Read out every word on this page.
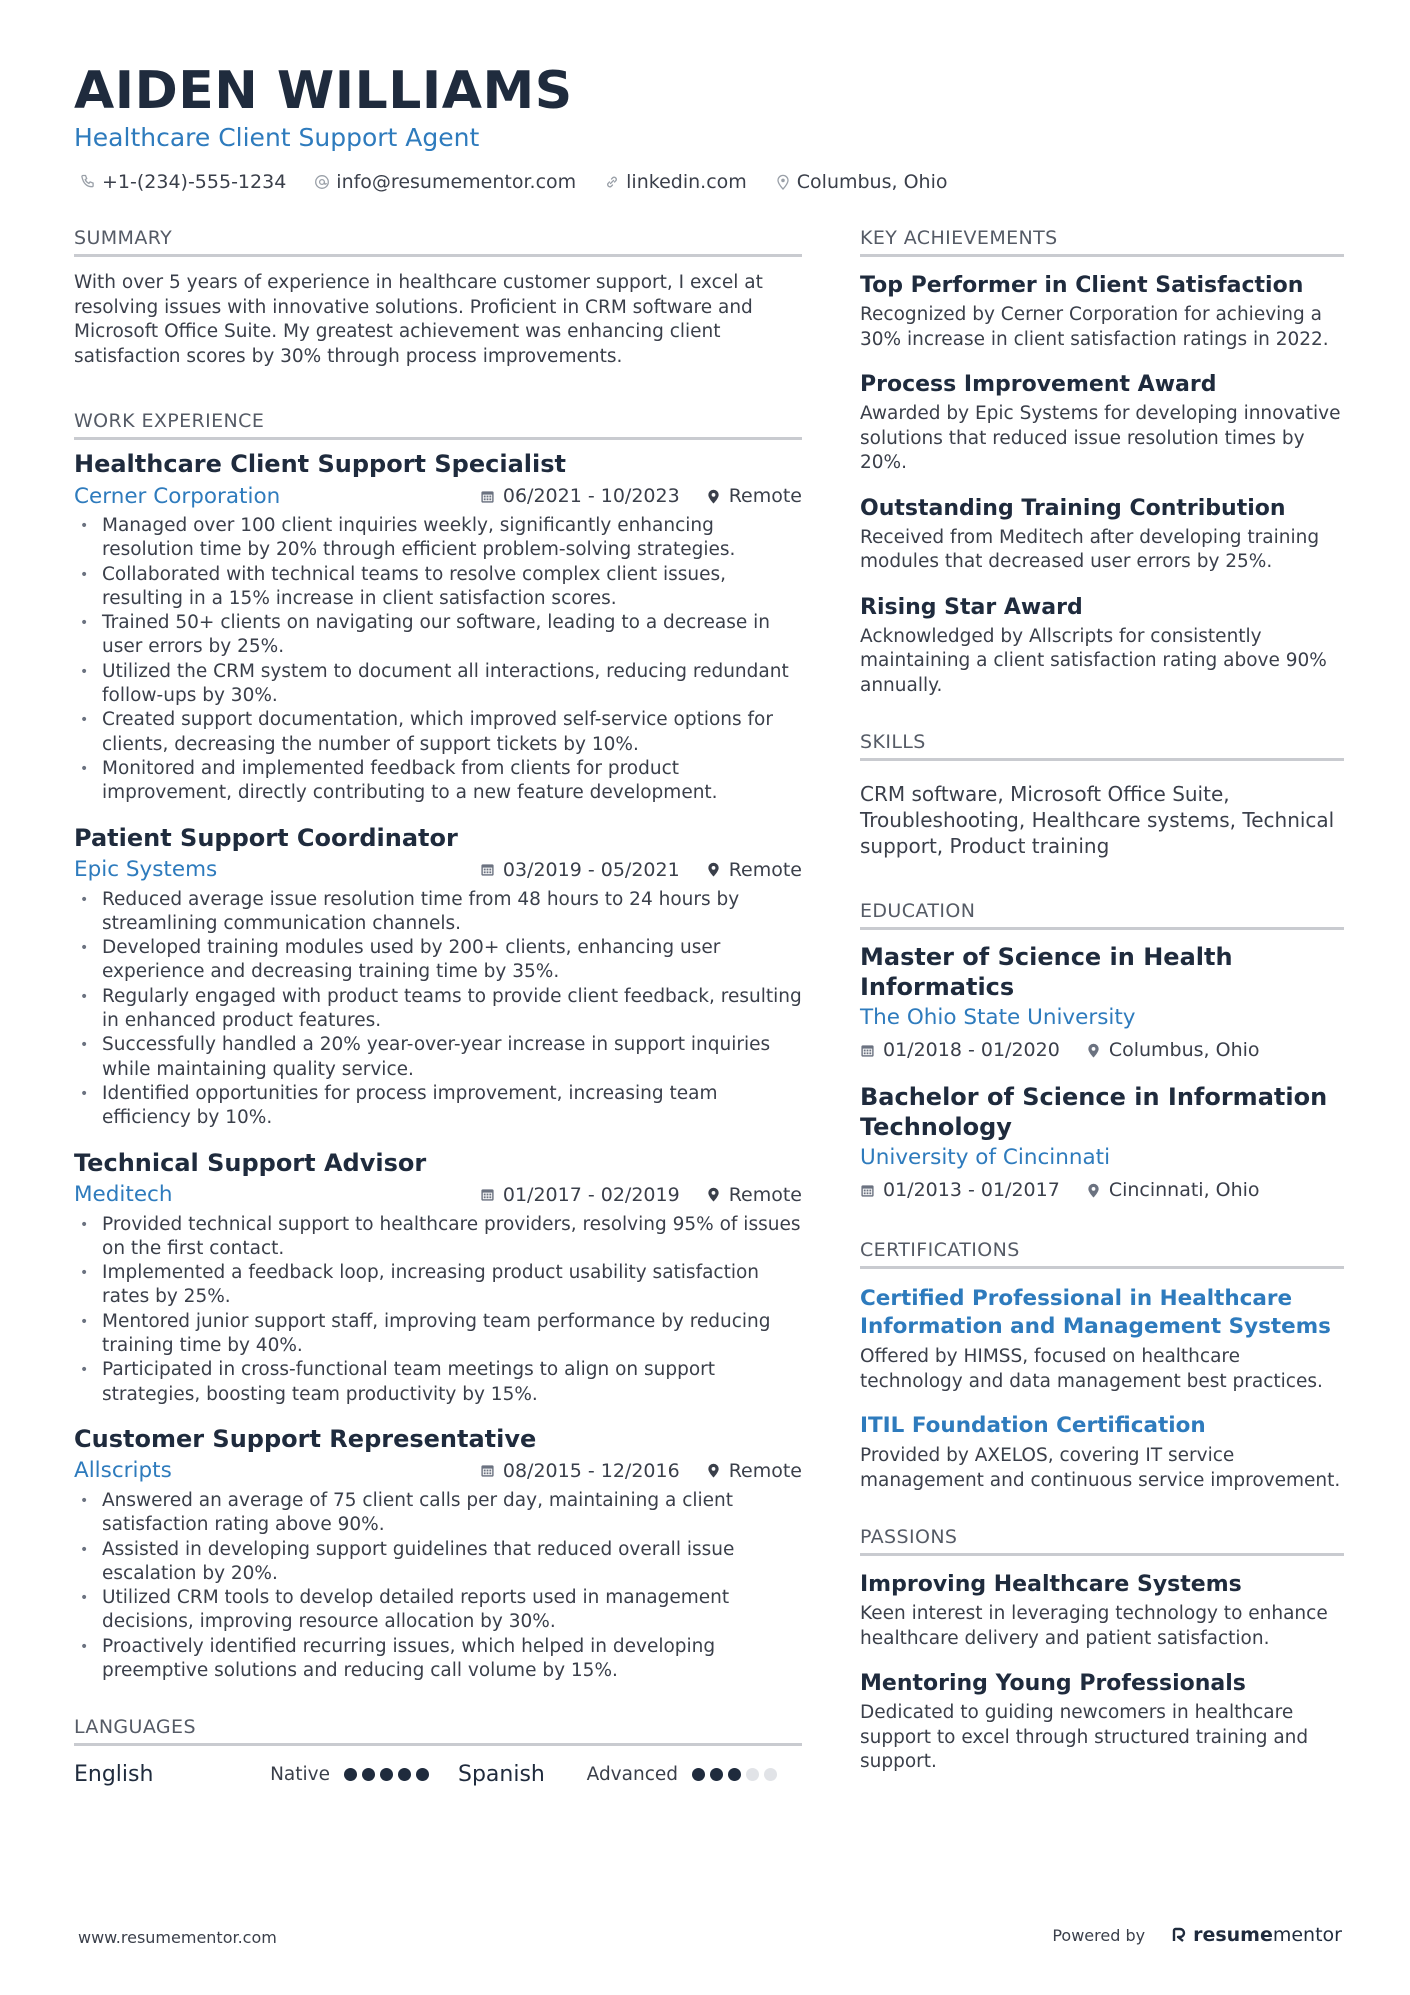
AIDEN WILLIAMS
Healthcare Client Support Agent
+1-(234)-555-1234	info@resumementor.com	linkedin.com	Columbus, Ohio
SUMMARY

With over 5 years of experience in healthcare customer support, I excel at resolving issues with innovative solutions. Proficient in CRM software and Microsoft Office Suite. My greatest achievement was enhancing client satisfaction scores by 30% through process improvements.

WORK EXPERIENCE
Healthcare Client Support Specialist
Cerner Corporation	06/2021 - 10/2023	Remote
• Managed over 100 client inquiries weekly, significantly enhancing resolution time by 20% through efficient problem-solving strategies.
• Collaborated with technical teams to resolve complex client issues, resulting in a 15% increase in client satisfaction scores.
• Trained 50+ clients on navigating our software, leading to a decrease in user errors by 25%.
• Utilized the CRM system to document all interactions, reducing redundant follow-ups by 30%.
• Created support documentation, which improved self-service options for clients, decreasing the number of support tickets by 10%.
• Monitored and implemented feedback from clients for product improvement, directly contributing to a new feature development.
Patient Support Coordinator
Epic Systems	03/2019 - 05/2021	Remote
• Reduced average issue resolution time from 48 hours to 24 hours by streamlining communication channels.
• Developed training modules used by 200+ clients, enhancing user experience and decreasing training time by 35%.
• Regularly engaged with product teams to provide client feedback, resulting in enhanced product features.
• Successfully handled a 20% year-over-year increase in support inquiries while maintaining quality service.
• Identified opportunities for process improvement, increasing team efficiency by 10%.
Technical Support Advisor
Meditech	01/2017 - 02/2019	Remote
• Provided technical support to healthcare providers, resolving 95% of issues on the first contact.
• Implemented a feedback loop, increasing product usability satisfaction rates by 25%.
• Mentored junior support staff, improving team performance by reducing training time by 40%.
• Participated in cross-functional team meetings to align on support strategies, boosting team productivity by 15%.
Customer Support Representative
Allscripts	08/2015 - 12/2016	Remote
• Answered an average of 75 client calls per day, maintaining a client satisfaction rating above 90%.
• Assisted in developing support guidelines that reduced overall issue escalation by 20%.
• Utilized CRM tools to develop detailed reports used in management decisions, improving resource allocation by 30%.
• Proactively identified recurring issues, which helped in developing preemptive solutions and reducing call volume by 15%.
LANGUAGES
English	Native	Spanish	Advanced
KEY ACHIEVEMENTS
Top Performer in Client Satisfaction

Recognized by Cerner Corporation for achieving a 30% increase in client satisfaction ratings in 2022.

Process Improvement Award

Awarded by Epic Systems for developing innovative solutions that reduced issue resolution times by 20%.

Outstanding Training Contribution

Received from Meditech after developing training modules that decreased user errors by 25%.

Rising Star Award

Acknowledged by Allscripts for consistently maintaining a client satisfaction rating above 90% annually.

SKILLS

CRM software, Microsoft Office Suite, Troubleshooting, Healthcare systems, Technical support, Product training

EDUCATION
Master of Science in Health Informatics
The Ohio State University
01/2018 - 01/2020	Columbus, Ohio
Bachelor of Science in Information Technology
University of Cincinnati
01/2013 - 01/2017	Cincinnati, Ohio
CERTIFICATIONS
Certified Professional in Healthcare Information and Management Systems

Offered by HIMSS, focused on healthcare technology and data management best practices.

ITIL Foundation Certification

Provided by AXELOS, covering IT service management and continuous service improvement.

PASSIONS
Improving Healthcare Systems

Keen interest in leveraging technology to enhance healthcare delivery and patient satisfaction.

Mentoring Young Professionals

Dedicated to guiding newcomers in healthcare support to excel through structured training and support.

www.resumementor.com	Powered by	resumementor
